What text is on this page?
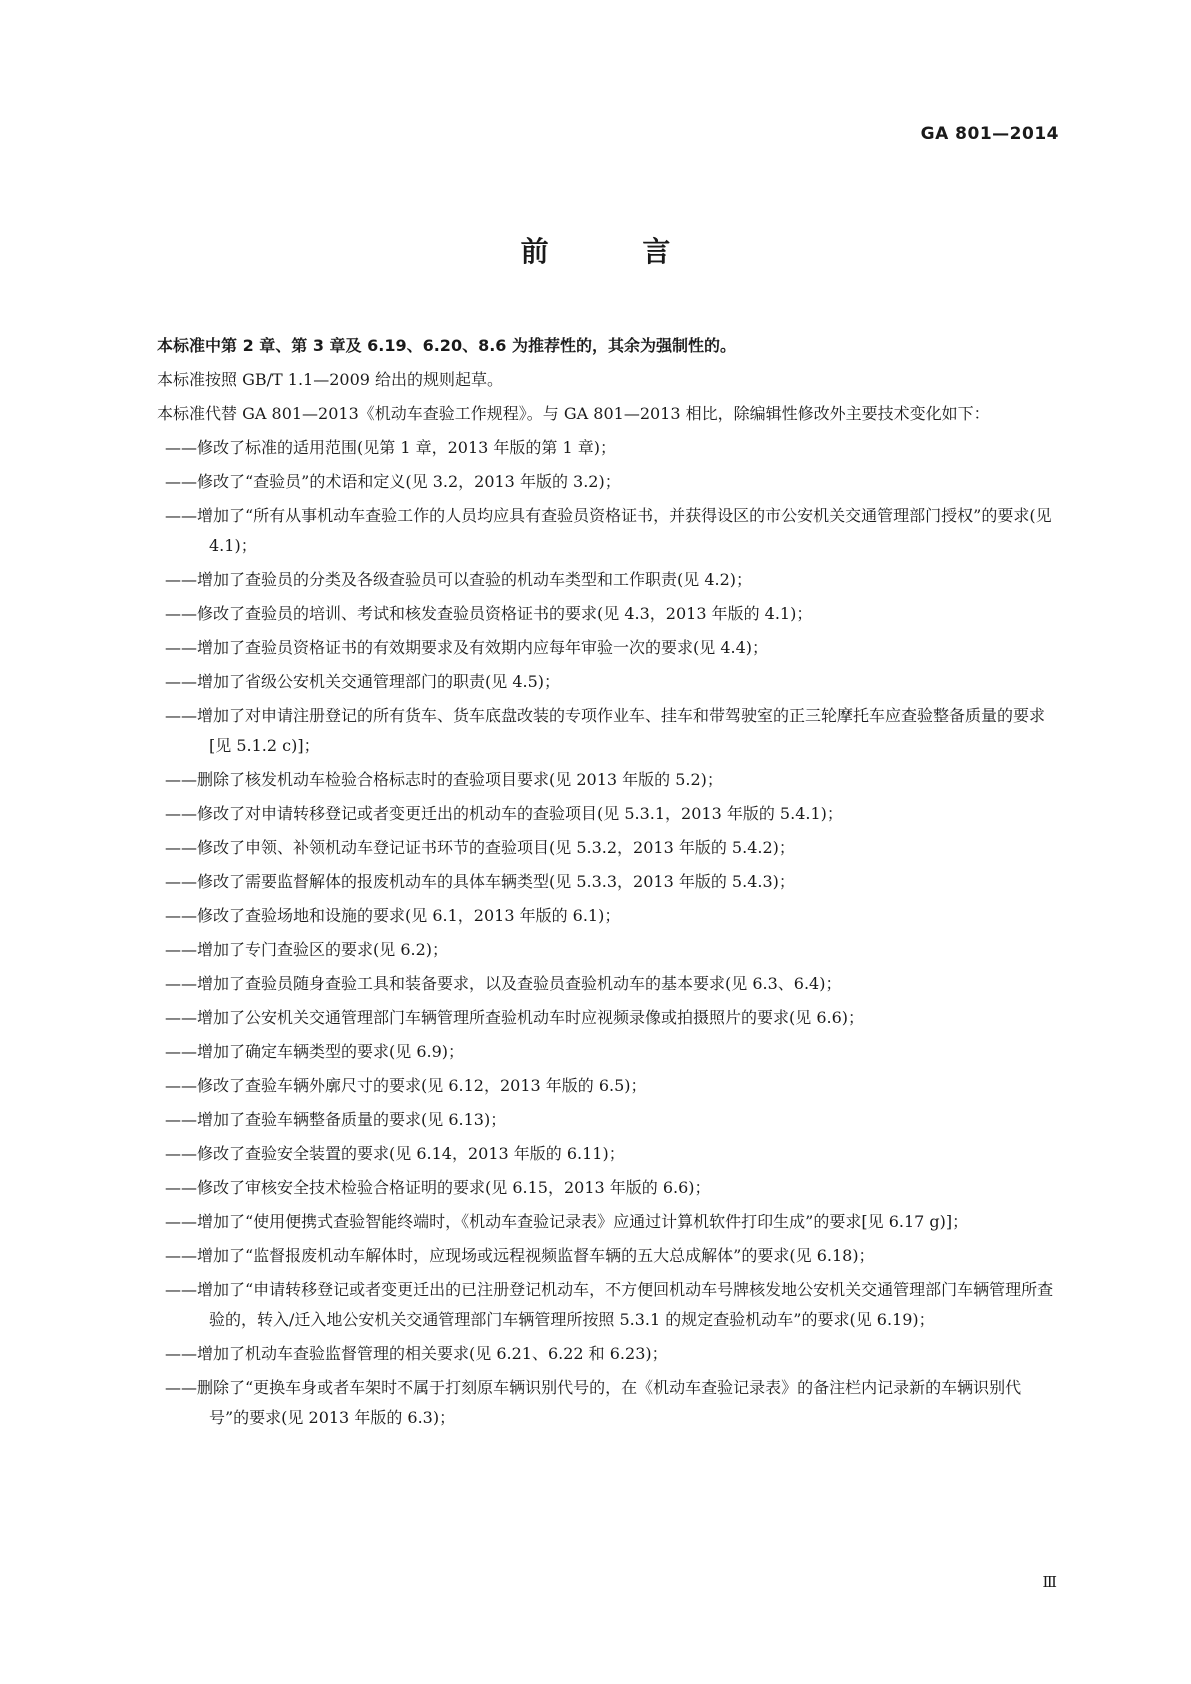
GA 801—2014

前 言

本标准中第 2 章、第 3 章及 6.19、6.20、8.6 为推荐性的，其余为强制性的。

本标准按照 GB/T 1.1—2009 给出的规则起草。

本标准代替 GA 801—2013《机动车查验工作规程》。与 GA 801—2013 相比，除编辑性修改外主要技术变化如下：

——修改了标准的适用范围(见第 1 章，2013 年版的第 1 章)；

——修改了“查验员”的术语和定义(见 3.2，2013 年版的 3.2)；

——增加了“所有从事机动车查验工作的人员均应具有查验员资格证书，并获得设区的市公安机关交通管理部门授权”的要求(见 4.1)；

——增加了查验员的分类及各级查验员可以查验的机动车类型和工作职责(见 4.2)；

——修改了查验员的培训、考试和核发查验员资格证书的要求(见 4.3，2013 年版的 4.1)；

——增加了查验员资格证书的有效期要求及有效期内应每年审验一次的要求(见 4.4)；

——增加了省级公安机关交通管理部门的职责(见 4.5)；

——增加了对申请注册登记的所有货车、货车底盘改装的专项作业车、挂车和带驾驶室的正三轮摩托车应查验整备质量的要求[见 5.1.2 c)]；

——删除了核发机动车检验合格标志时的查验项目要求(见 2013 年版的 5.2)；

——修改了对申请转移登记或者变更迁出的机动车的查验项目(见 5.3.1，2013 年版的 5.4.1)；

——修改了申领、补领机动车登记证书环节的查验项目(见 5.3.2，2013 年版的 5.4.2)；

——修改了需要监督解体的报废机动车的具体车辆类型(见 5.3.3，2013 年版的 5.4.3)；

——修改了查验场地和设施的要求(见 6.1，2013 年版的 6.1)；

——增加了专门查验区的要求(见 6.2)；

——增加了查验员随身查验工具和装备要求，以及查验员查验机动车的基本要求(见 6.3、6.4)；

——增加了公安机关交通管理部门车辆管理所查验机动车时应视频录像或拍摄照片的要求(见 6.6)；

——增加了确定车辆类型的要求(见 6.9)；

——修改了查验车辆外廓尺寸的要求(见 6.12，2013 年版的 6.5)；

——增加了查验车辆整备质量的要求(见 6.13)；

——修改了查验安全装置的要求(见 6.14，2013 年版的 6.11)；

——修改了审核安全技术检验合格证明的要求(见 6.15，2013 年版的 6.6)；

——增加了“使用便携式查验智能终端时，《机动车查验记录表》应通过计算机软件打印生成”的要求[见 6.17 g)]；

——增加了“监督报废机动车解体时，应现场或远程视频监督车辆的五大总成解体”的要求(见 6.18)；

——增加了“申请转移登记或者变更迁出的已注册登记机动车，不方便回机动车号牌核发地公安机关交通管理部门车辆管理所查验的，转入/迁入地公安机关交通管理部门车辆管理所按照 5.3.1 的规定查验机动车”的要求(见 6.19)；

——增加了机动车查验监督管理的相关要求(见 6.21、6.22 和 6.23)；

——删除了“更换车身或者车架时不属于打刻原车辆识别代号的，在《机动车查验记录表》的备注栏内记录新的车辆识别代号”的要求(见 2013 年版的 6.3)；

Ⅲ
